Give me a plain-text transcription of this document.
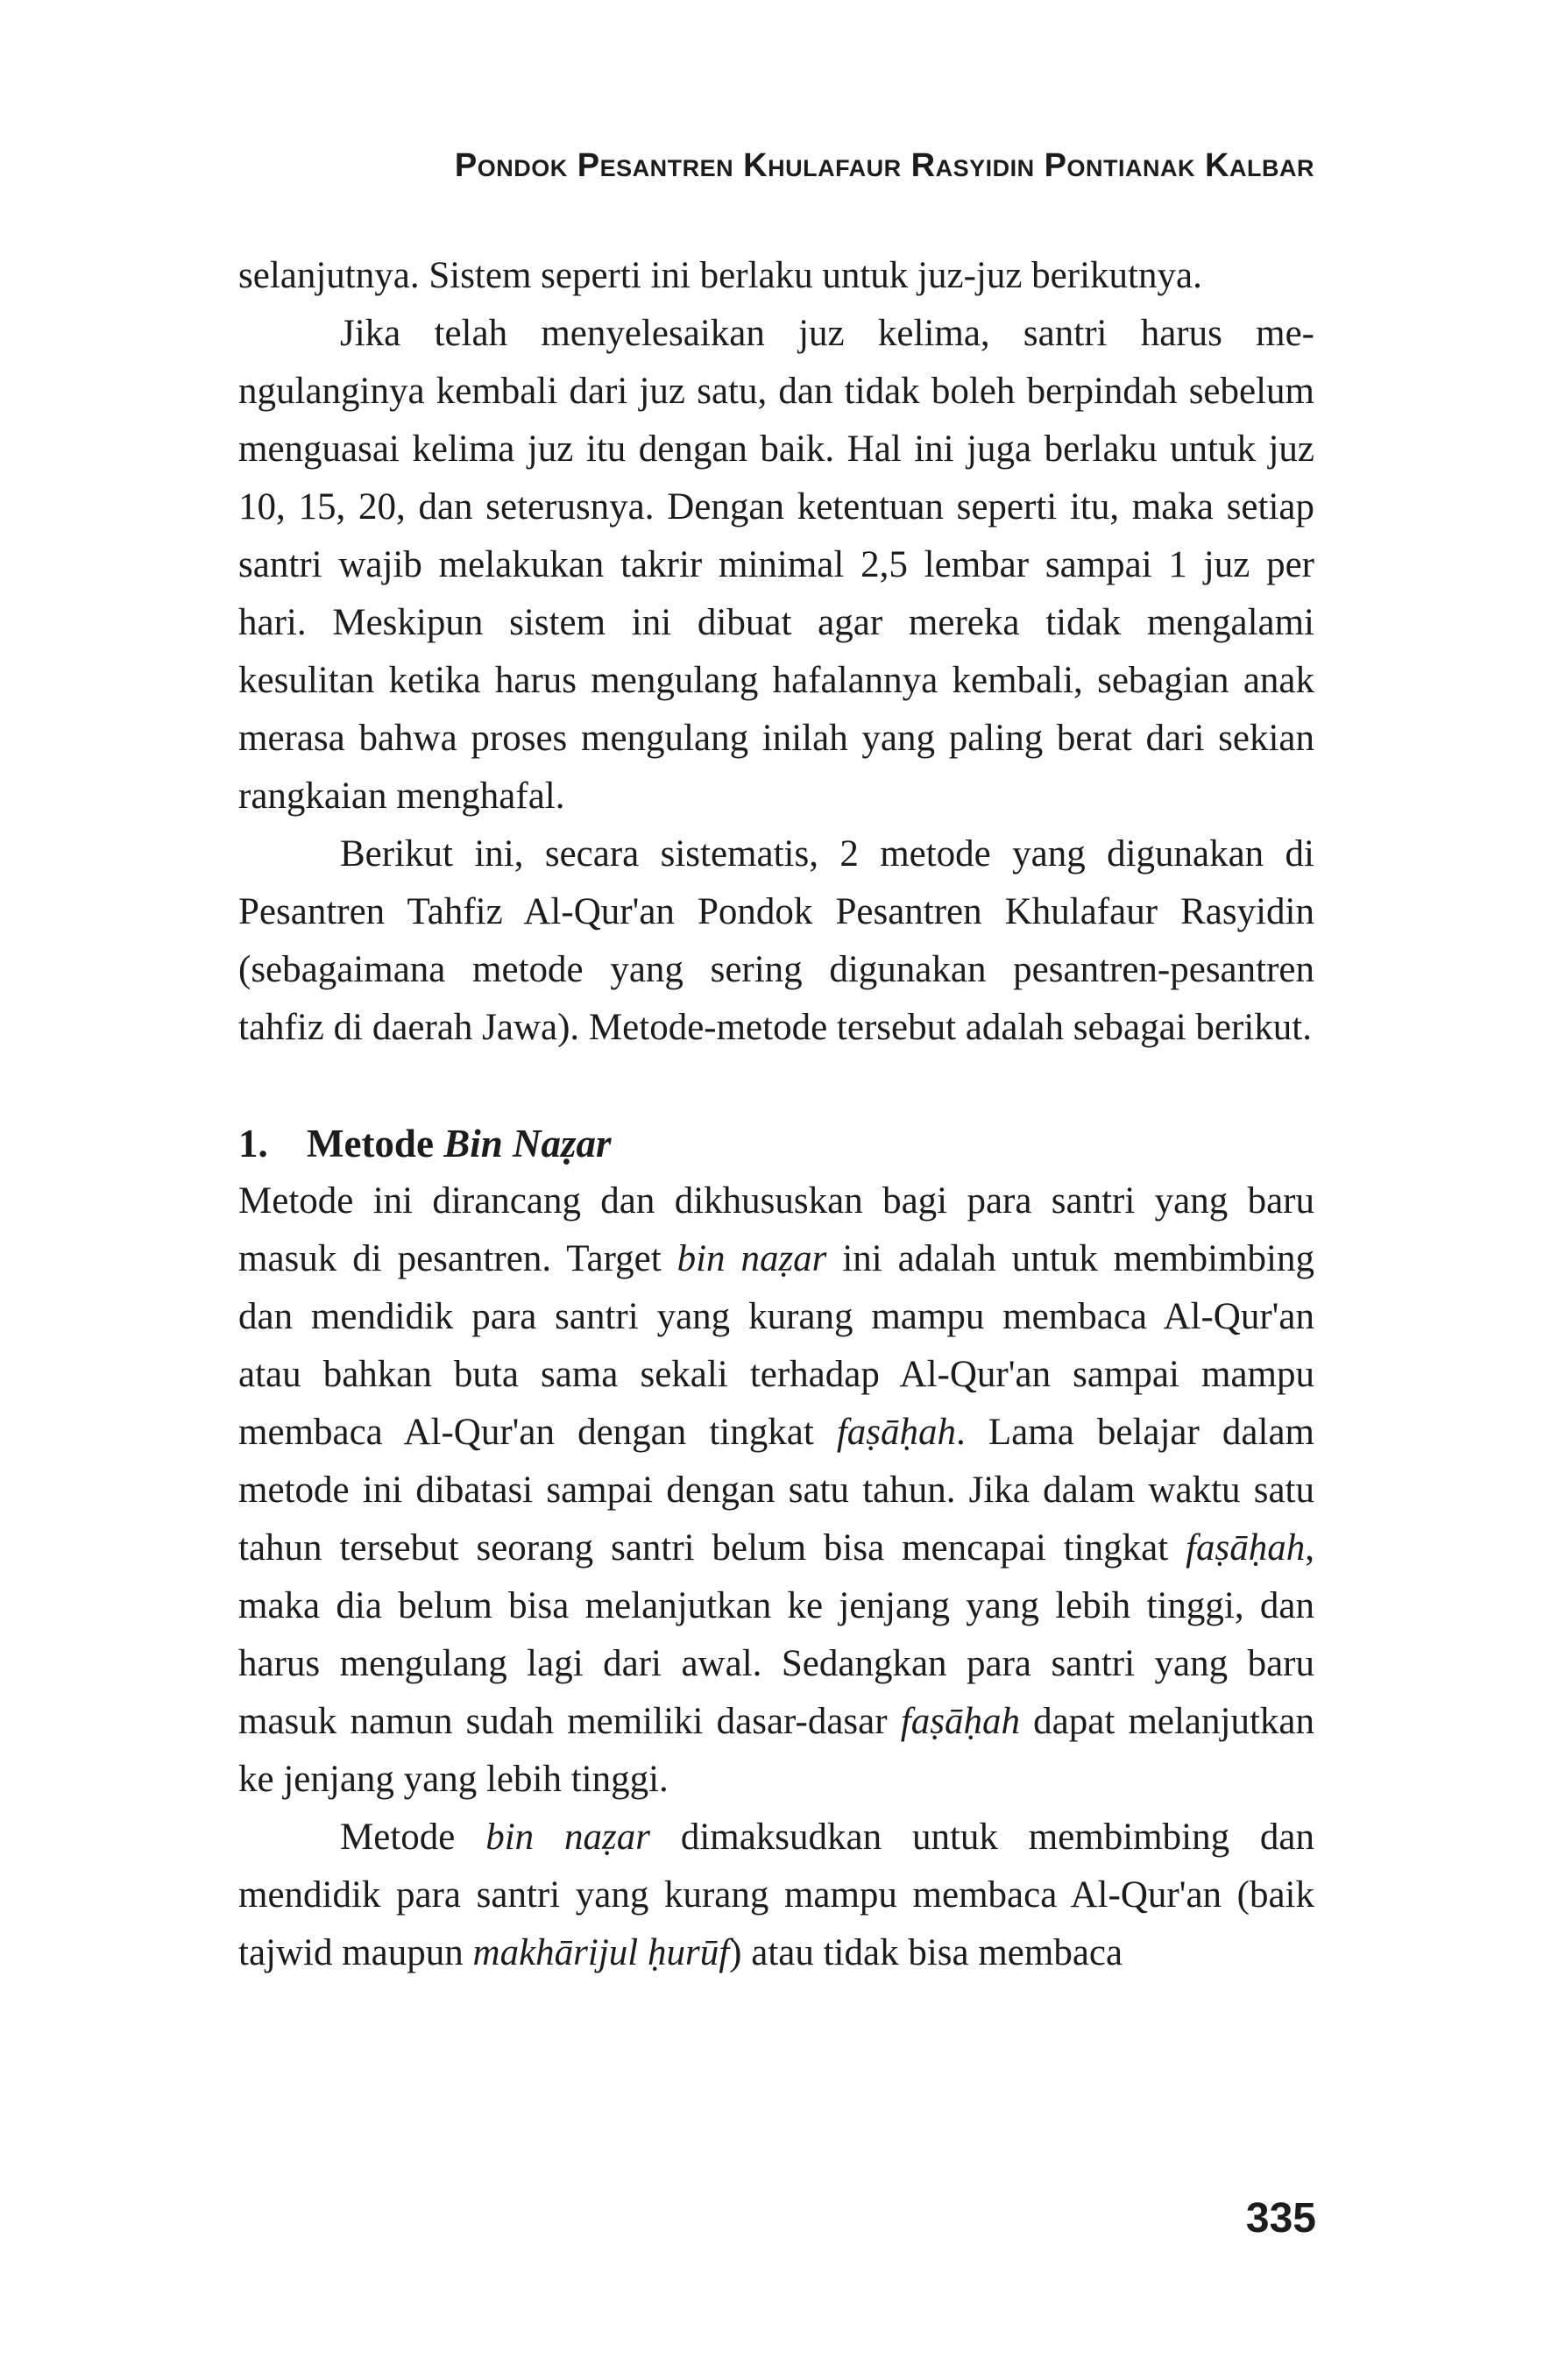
Pondok Pesantren Khulafaur Rasyidin Pontianak Kalbar

selanjutnya. Sistem seperti ini berlaku untuk juz-juz berikutnya.

Jika telah menyelesaikan juz kelima, santri harus mengulanginya kembali dari juz satu, dan tidak boleh berpindah sebelum menguasai kelima juz itu dengan baik. Hal ini juga berlaku untuk juz 10, 15, 20, dan seterusnya. Dengan ketentuan seperti itu, maka setiap santri wajib melakukan takrir minimal 2,5 lembar sampai 1 juz per hari. Meskipun sistem ini dibuat agar mereka tidak mengalami kesulitan ketika harus mengulang hafalannya kembali, sebagian anak merasa bahwa proses mengulang inilah yang paling berat dari sekian rangkaian menghafal.

Berikut ini, secara sistematis, 2 metode yang digunakan di Pesantren Tahfiz Al-Qur'an Pondok Pesantren Khulafaur Rasyidin (sebagaimana metode yang sering digunakan pesantren-pesantren tahfiz di daerah Jawa). Metode-metode tersebut adalah sebagai berikut.

1. Metode Bin Naẓar

Metode ini dirancang dan dikhususkan bagi para santri yang baru masuk di pesantren. Target bin naẓar ini adalah untuk membimbing dan mendidik para santri yang kurang mampu membaca Al-Qur'an atau bahkan buta sama sekali terhadap Al-Qur'an sampai mampu membaca Al-Qur'an dengan tingkat faṣāḥah. Lama belajar dalam metode ini dibatasi sampai dengan satu tahun. Jika dalam waktu satu tahun tersebut seorang santri belum bisa mencapai tingkat faṣāḥah, maka dia belum bisa melanjutkan ke jenjang yang lebih tinggi, dan harus mengulang lagi dari awal. Sedangkan para santri yang baru masuk namun sudah memiliki dasar-dasar faṣāḥah dapat melanjutkan ke jenjang yang lebih tinggi.

Metode bin naẓar dimaksudkan untuk membimbing dan mendidik para santri yang kurang mampu membaca Al-Qur'an (baik tajwid maupun makhārijul ḥurūf) atau tidak bisa membaca

335
